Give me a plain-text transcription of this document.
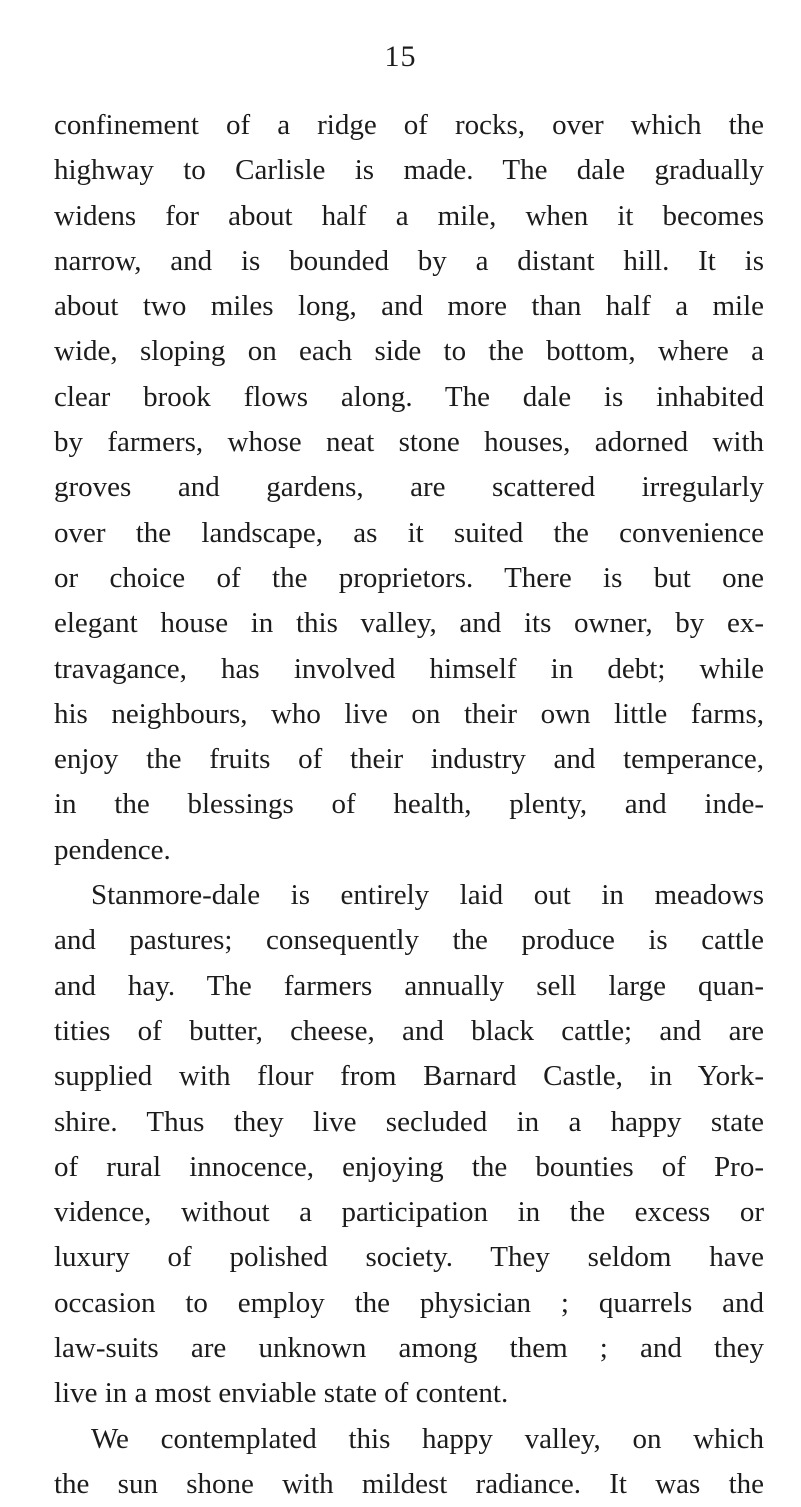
15
confinement of a ridge of rocks, over which the
highway to Carlisle is made. The dale gradually
widens for about half a mile, when it becomes
narrow, and is bounded by a distant hill. It is
about two miles long, and more than half a mile
wide, sloping on each side to the bottom, where a
clear brook flows along. The dale is inhabited
by farmers, whose neat stone houses, adorned with
groves and gardens, are scattered irregularly
over the landscape, as it suited the convenience
or choice of the proprietors. There is but one
elegant house in this valley, and its owner, by ex-
travagance, has involved himself in debt; while
his neighbours, who live on their own little farms,
enjoy the fruits of their industry and temperance,
in the blessings of health, plenty, and inde-
pendence.
Stanmore-dale is entirely laid out in meadows
and pastures; consequently the produce is cattle
and hay. The farmers annually sell large quan-
tities of butter, cheese, and black cattle; and are
supplied with flour from Barnard Castle, in York-
shire. Thus they live secluded in a happy state
of rural innocence, enjoying the bounties of Pro-
vidence, without a participation in the excess or
luxury of polished society. They seldom have
occasion to employ the physician ; quarrels and
law-suits are unknown among them ; and they
live in a most enviable state of content.
We contemplated this happy valley, on which
the sun shone with mildest radiance. It was the
